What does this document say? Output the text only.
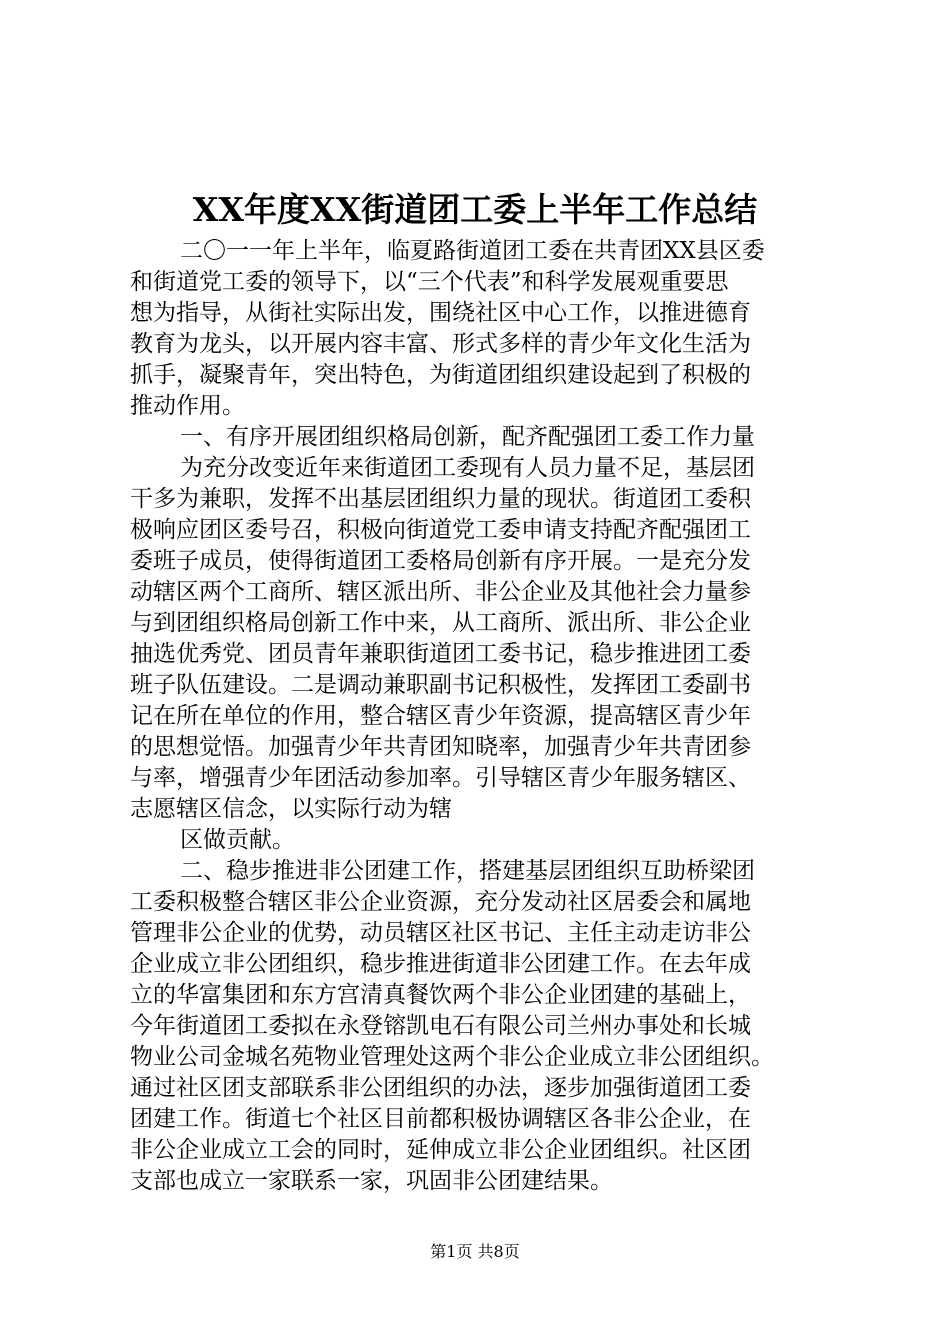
XX年度XX街道团工委上半年工作总结
二〇一一年上半年，临夏路街道团工委在共青团XX县区委
和街道党工委的领导下，以“三个代表”和科学发展观重要思
想为指导，从街社实际出发，围绕社区中心工作，以推进德育
教育为龙头，以开展内容丰富、形式多样的青少年文化生活为
抓手，凝聚青年，突出特色，为街道团组织建设起到了积极的
推动作用。
一、有序开展团组织格局创新，配齐配强团工委工作力量
为充分改变近年来街道团工委现有人员力量不足，基层团
干多为兼职，发挥不出基层团组织力量的现状。街道团工委积
极响应团区委号召，积极向街道党工委申请支持配齐配强团工
委班子成员，使得街道团工委格局创新有序开展。一是充分发
动辖区两个工商所、辖区派出所、非公企业及其他社会力量参
与到团组织格局创新工作中来，从工商所、派出所、非公企业
抽选优秀党、团员青年兼职街道团工委书记，稳步推进团工委
班子队伍建设。二是调动兼职副书记积极性，发挥团工委副书
记在所在单位的作用，整合辖区青少年资源，提高辖区青少年
的思想觉悟。加强青少年共青团知晓率，加强青少年共青团参
与率，增强青少年团活动参加率。引导辖区青少年服务辖区、
志愿辖区信念，以实际行动为辖
区做贡献。
二、稳步推进非公团建工作，搭建基层团组织互助桥梁团
工委积极整合辖区非公企业资源，充分发动社区居委会和属地
管理非公企业的优势，动员辖区社区书记、主任主动走访非公
企业成立非公团组织，稳步推进街道非公团建工作。在去年成
立的华富集团和东方宫清真餐饮两个非公企业团建的基础上，
今年街道团工委拟在永登镕凯电石有限公司兰州办事处和长城
物业公司金城名苑物业管理处这两个非公企业成立非公团组织。
通过社区团支部联系非公团组织的办法，逐步加强街道团工委
团建工作。街道七个社区目前都积极协调辖区各非公企业，在
非公企业成立工会的同时，延伸成立非公企业团组织。社区团
支部也成立一家联系一家，巩固非公团建结果。
第1页 共8页
